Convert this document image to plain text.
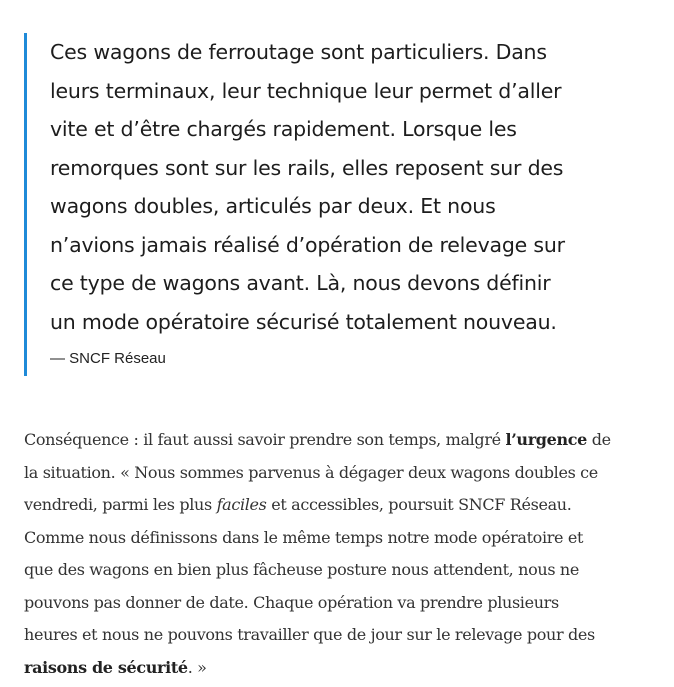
Ces wagons de ferroutage sont particuliers. Dans
leurs terminaux, leur technique leur permet d’aller
vite et d’être chargés rapidement. Lorsque les
remorques sont sur les rails, elles reposent sur des
wagons doubles, articulés par deux. Et nous
n’avions jamais réalisé d’opération de relevage sur
ce type de wagons avant. Là, nous devons définir
un mode opératoire sécurisé totalement nouveau.

— SNCF Réseau
Conséquence : il faut aussi savoir prendre son temps, malgré l’urgence de
la situation. « Nous sommes parvenus à dégager deux wagons doubles ce
vendredi, parmi les plus faciles et accessibles, poursuit SNCF Réseau.
Comme nous définissons dans le même temps notre mode opératoire et
que des wagons en bien plus fâcheuse posture nous attendent, nous ne
pouvons pas donner de date. Chaque opération va prendre plusieurs
heures et nous ne pouvons travailler que de jour sur le relevage pour des
raisons de sécurité. »
